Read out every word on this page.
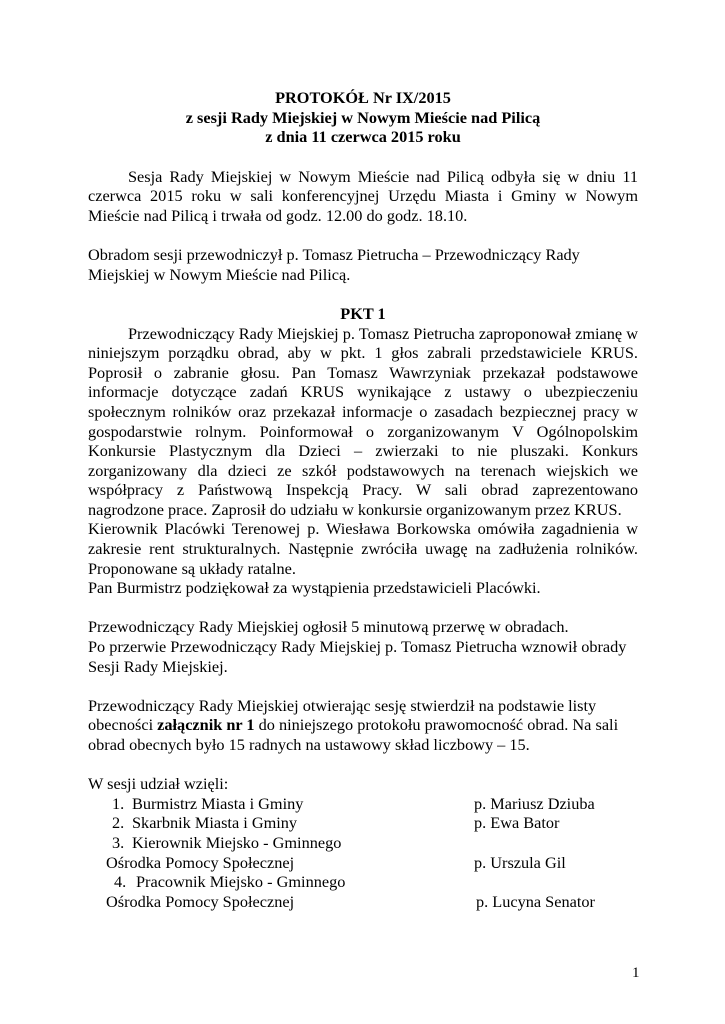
PROTOKÓŁ Nr IX/2015
z sesji Rady Miejskiej w Nowym Mieście nad Pilicą
z dnia 11 czerwca 2015 roku

Sesja Rady Miejskiej w Nowym Mieście nad Pilicą odbyła się w dniu 11 czerwca 2015 roku w sali konferencyjnej Urzędu Miasta i Gminy w Nowym Mieście nad Pilicą i trwała od godz. 12.00 do godz. 18.10.

Obradom sesji przewodniczył p. Tomasz Pietrucha – Przewodniczący Rady Miejskiej w Nowym Mieście nad Pilicą.

PKT 1

Przewodniczący Rady Miejskiej p. Tomasz Pietrucha zaproponował zmianę w niniejszym porządku obrad, aby w pkt. 1 głos zabrali przedstawiciele KRUS. Poprosił o zabranie głosu. Pan Tomasz Wawrzyniak przekazał podstawowe informacje dotyczące zadań KRUS wynikające z ustawy o ubezpieczeniu społecznym rolników oraz przekazał informacje o zasadach bezpiecznej pracy w gospodarstwie rolnym. Poinformował o zorganizowanym V Ogólnopolskim Konkursie Plastycznym dla Dzieci – zwierzaki to nie pluszaki. Konkurs zorganizowany dla dzieci ze szkół podstawowych na terenach wiejskich we współpracy z Państwową Inspekcją Pracy. W sali obrad zaprezentowano nagrodzone prace. Zaprosił do udziału w konkursie organizowanym przez KRUS.

Kierownik Placówki Terenowej p. Wiesława Borkowska omówiła zagadnienia w zakresie rent strukturalnych. Następnie zwróciła uwagę na zadłużenia rolników. Proponowane są układy ratalne.

Pan Burmistrz podziękował za wystąpienia przedstawicieli Placówki.

Przewodniczący Rady Miejskiej ogłosił 5 minutową przerwę w obradach.

Po przerwie Przewodniczący Rady Miejskiej p. Tomasz Pietrucha wznowił obrady Sesji Rady Miejskiej.

Przewodniczący Rady Miejskiej otwierając sesję stwierdził na podstawie listy obecności załącznik nr 1 do niniejszego protokołu prawomocność obrad. Na sali obrad obecnych było 15 radnych na ustawowy skład liczbowy – 15.

W sesji udział wzięli:

1. Burmistrz Miasta i Gminy	p. Mariusz Dziuba
2. Skarbnik Miasta i Gminy	p. Ewa Bator
3. Kierownik Miejsko - Gminnego
Ośrodka Pomocy Społecznej	p. Urszula Gil
4. Pracownik Miejsko - Gminnego
Ośrodka Pomocy Społecznej	p. Lucyna Senator
1
